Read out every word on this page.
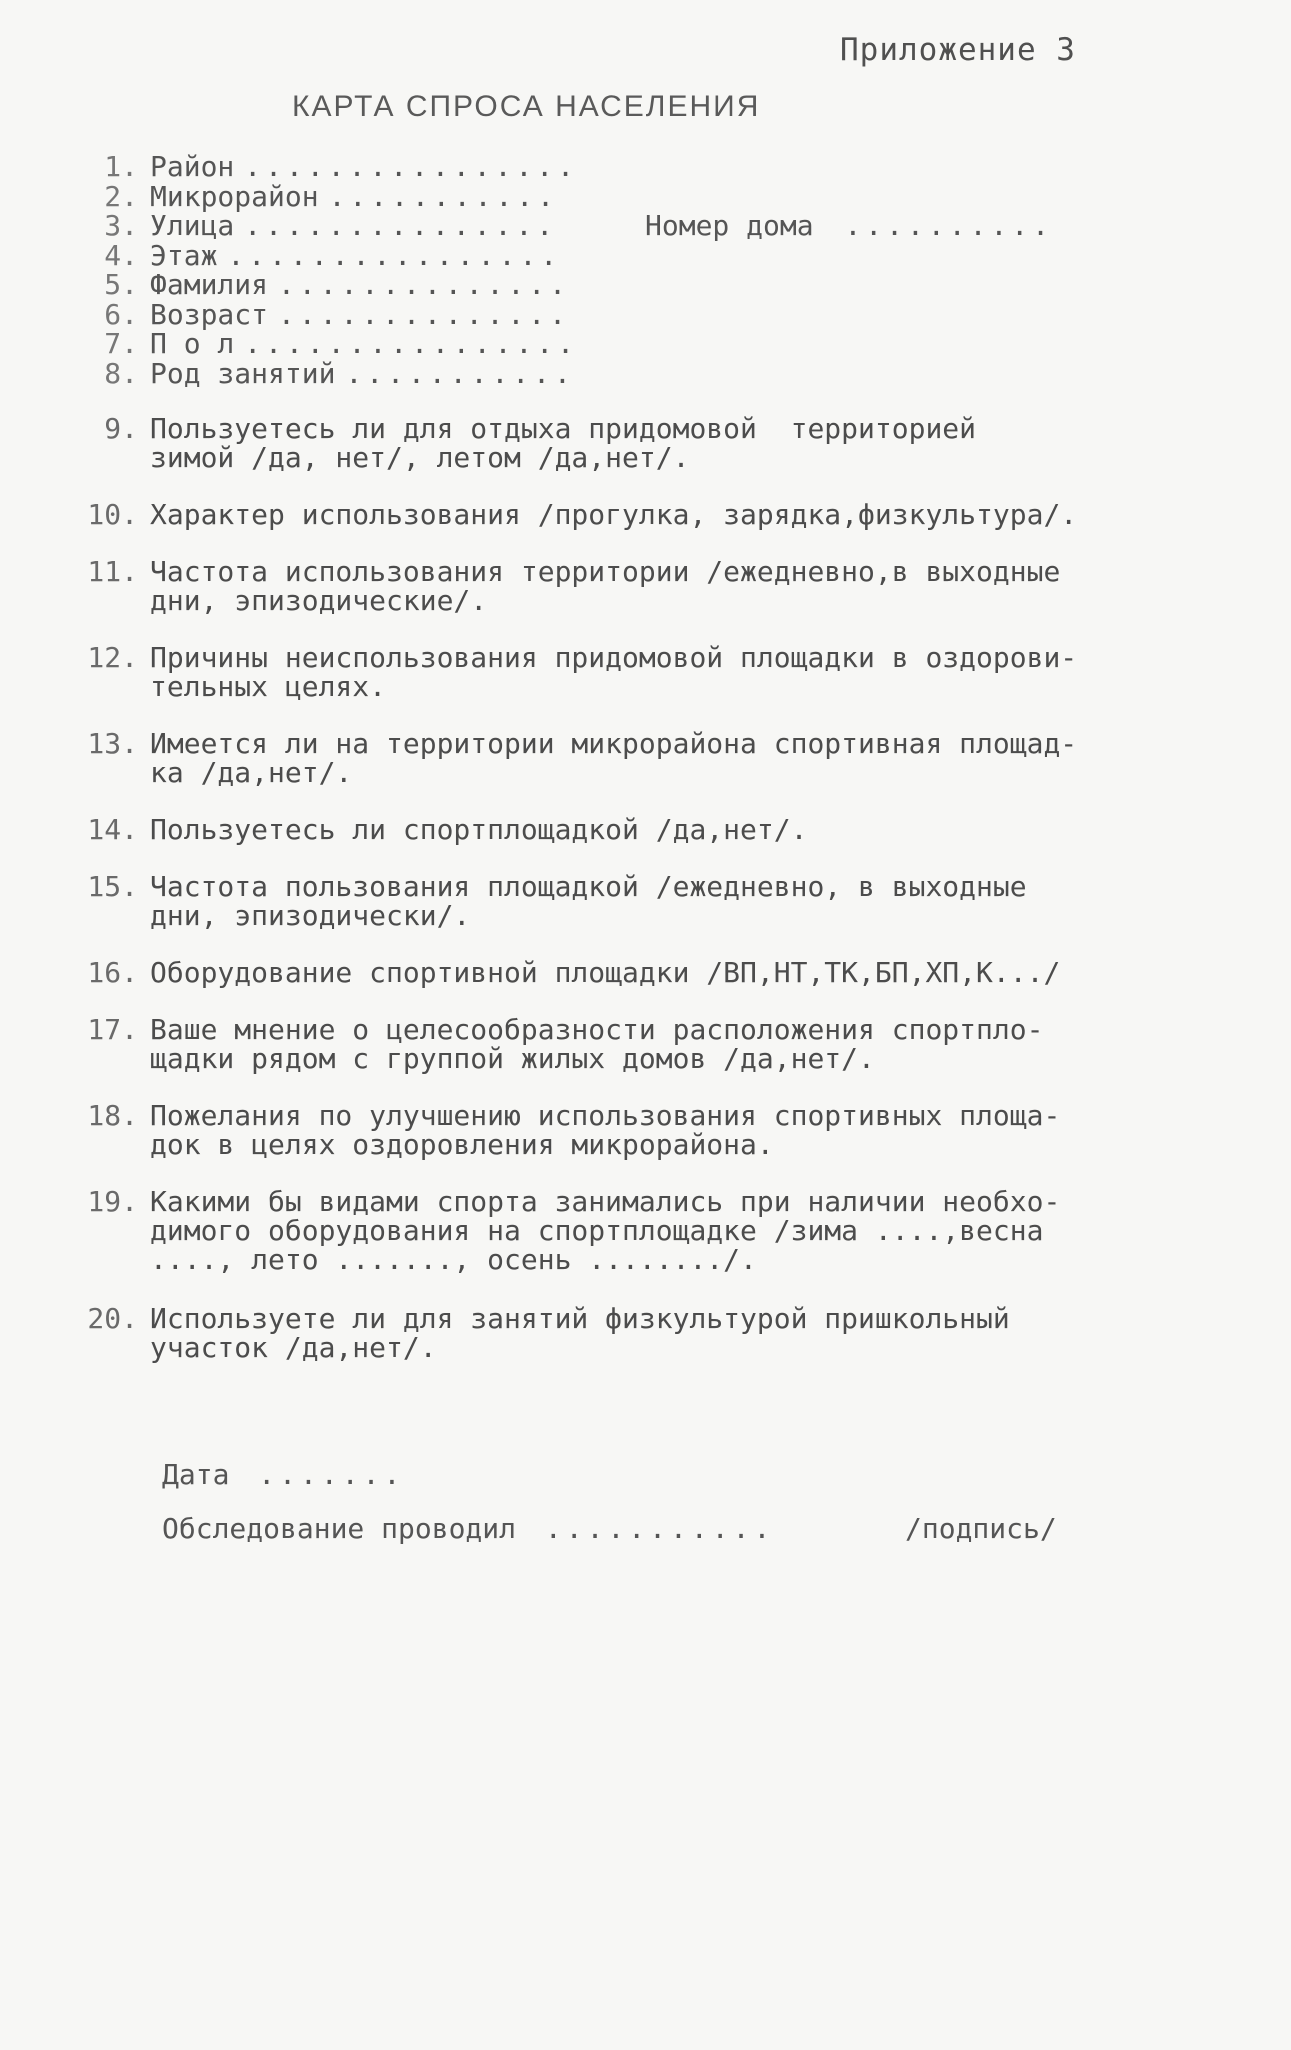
Приложение 3
КАРТА СПРОСА НАСЕЛЕНИЯ
1. Район ................
2. Микрорайон ...........
3. Улица ...............
4. Этаж ................
5. Фамилия ..............
6. Возраст ..............
7. П о л ................
8. Род занятий ...........
Номер дома ..........
9. Пользуетесь ли для отдыха придомовой  территорией
зимой /да, нет/, летом /да,нет/.
10. Характер использования /прогулка, зарядка,физкультура/.
11. Частота использования территории /ежедневно,в выходные
дни, эпизодические/.
12. Причины неиспользования придомовой площадки в оздорови-
тельных целях.
13. Имеется ли на территории микрорайона спортивная площад-
ка /да,нет/.
14. Пользуетесь ли спортплощадкой /да,нет/.
15. Частота пользования площадкой /ежедневно, в выходные
дни, эпизодически/.
16. Оборудование спортивной площадки /ВП,НТ,ТК,БП,ХП,К.../
17. Ваше мнение о целесообразности расположения спортпло-
щадки рядом с группой жилых домов /да,нет/.
18. Пожелания по улучшению использования спортивных площа-
док в целях оздоровления микрорайона.
19. Какими бы видами спорта занимались при наличии необхо-
димого оборудования на спортплощадке /зима ....,весна
...., лето ......., осень ......../.
20. Используете ли для занятий физкультурой пришкольный
участок /да,нет/.
Дата .......
Обследование проводил ...........	/подпись/
